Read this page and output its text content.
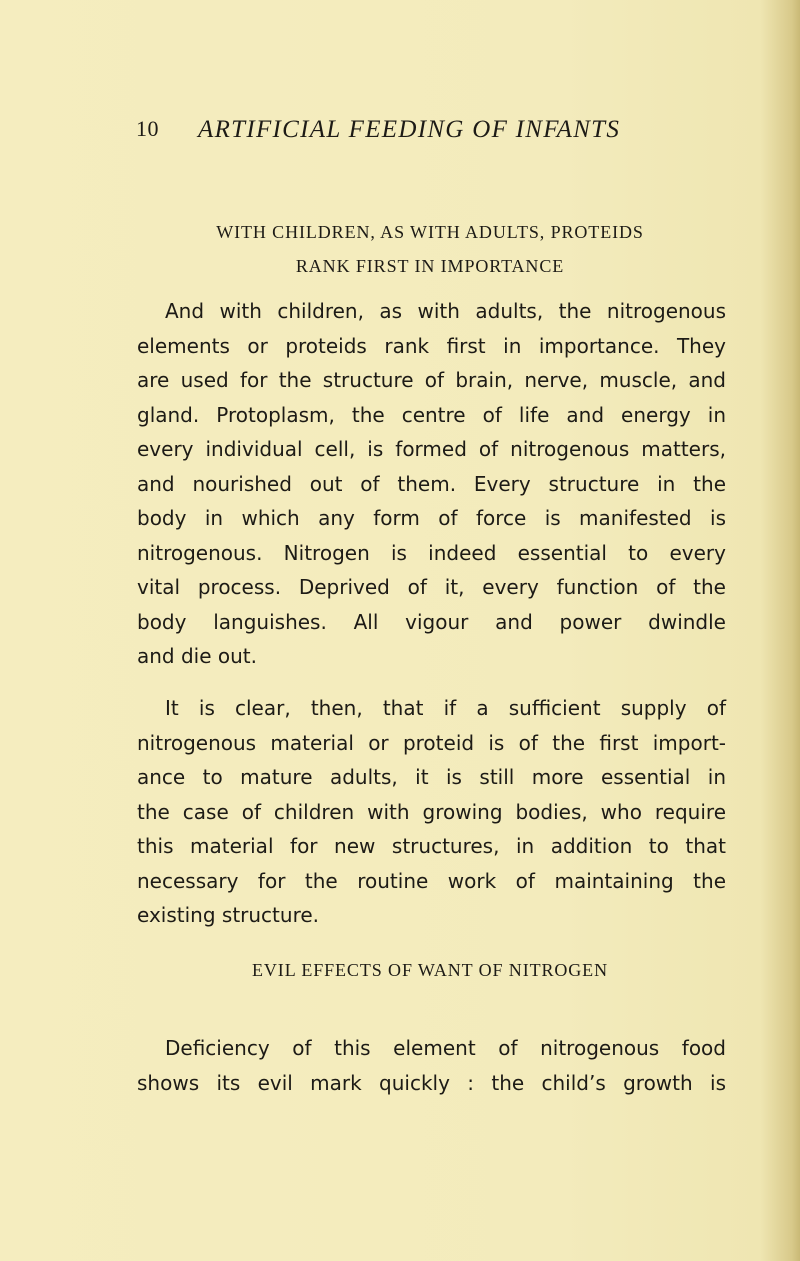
10 ARTIFICIAL FEEDING OF INFANTS
WITH CHILDREN, AS WITH ADULTS, PROTEIDS
RANK FIRST IN IMPORTANCE
And with children, as with adults, the nitrogenous
elements or proteids rank first in importance. They
are used for the structure of brain, nerve, muscle, and
gland. Protoplasm, the centre of life and energy in
every individual cell, is formed of nitrogenous matters,
and nourished out of them. Every structure in the
body in which any form of force is manifested is
nitrogenous. Nitrogen is indeed essential to every
vital process. Deprived of it, every function of the
body languishes. All vigour and power dwindle
and die out.
It is clear, then, that if a sufficient supply of
nitrogenous material or proteid is of the first import-
ance to mature adults, it is still more essential in
the case of children with growing bodies, who require
this material for new structures, in addition to that
necessary for the routine work of maintaining the
existing structure.
EVIL EFFECTS OF WANT OF NITROGEN
Deficiency of this element of nitrogenous food
shows its evil mark quickly : the child’s growth is
